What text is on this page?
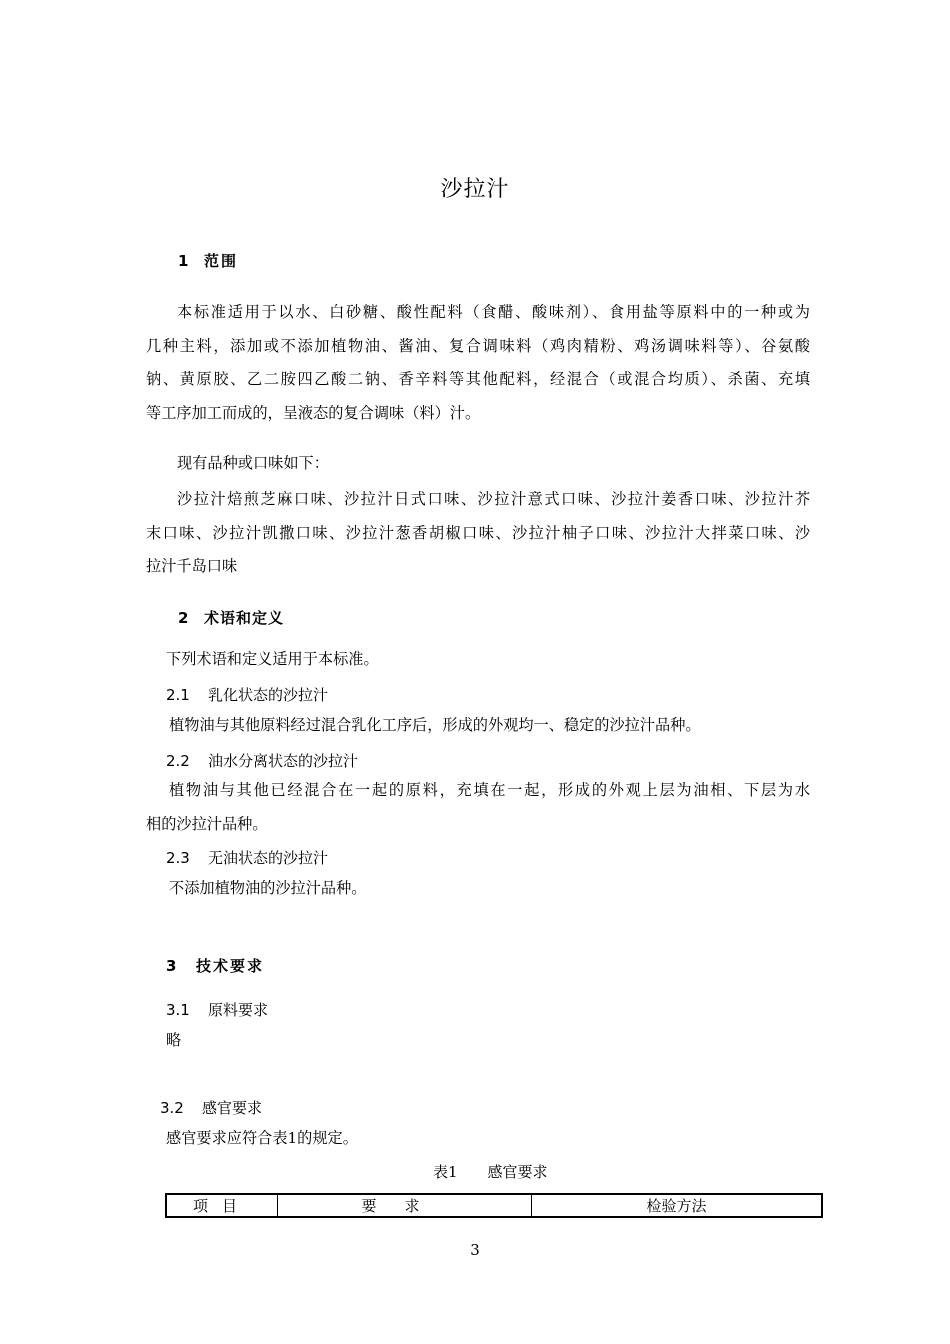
沙拉汁
1 范围
本标准适用于以水、白砂糖、酸性配料（食醋、酸味剂）、食用盐等原料中的一种或为
几种主料，添加或不添加植物油、酱油、复合调味料（鸡肉精粉、鸡汤调味料等）、谷氨酸
钠、黄原胶、乙二胺四乙酸二钠、香辛料等其他配料，经混合（或混合均质）、杀菌、充填
等工序加工而成的，呈液态的复合调味（料）汁。
现有品种或口味如下：
沙拉汁焙煎芝麻口味、沙拉汁日式口味、沙拉汁意式口味、沙拉汁姜香口味、沙拉汁芥
末口味、沙拉汁凯撒口味、沙拉汁葱香胡椒口味、沙拉汁柚子口味、沙拉汁大拌菜口味、沙
拉汁千岛口味
2 术语和定义
下列术语和定义适用于本标准。
2.1 乳化状态的沙拉汁
植物油与其他原料经过混合乳化工序后，形成的外观均一、稳定的沙拉汁品种。
2.2 油水分离状态的沙拉汁
植物油与其他已经混合在一起的原料，充填在一起，形成的外观上层为油相、下层为水
相的沙拉汁品种。
2.3 无油状态的沙拉汁
不添加植物油的沙拉汁品种。
3 技术要求
3.1 原料要求
略
3.2 感官要求
感官要求应符合表1的规定。
表1 感官要求
项目	要求	检验方法
3
